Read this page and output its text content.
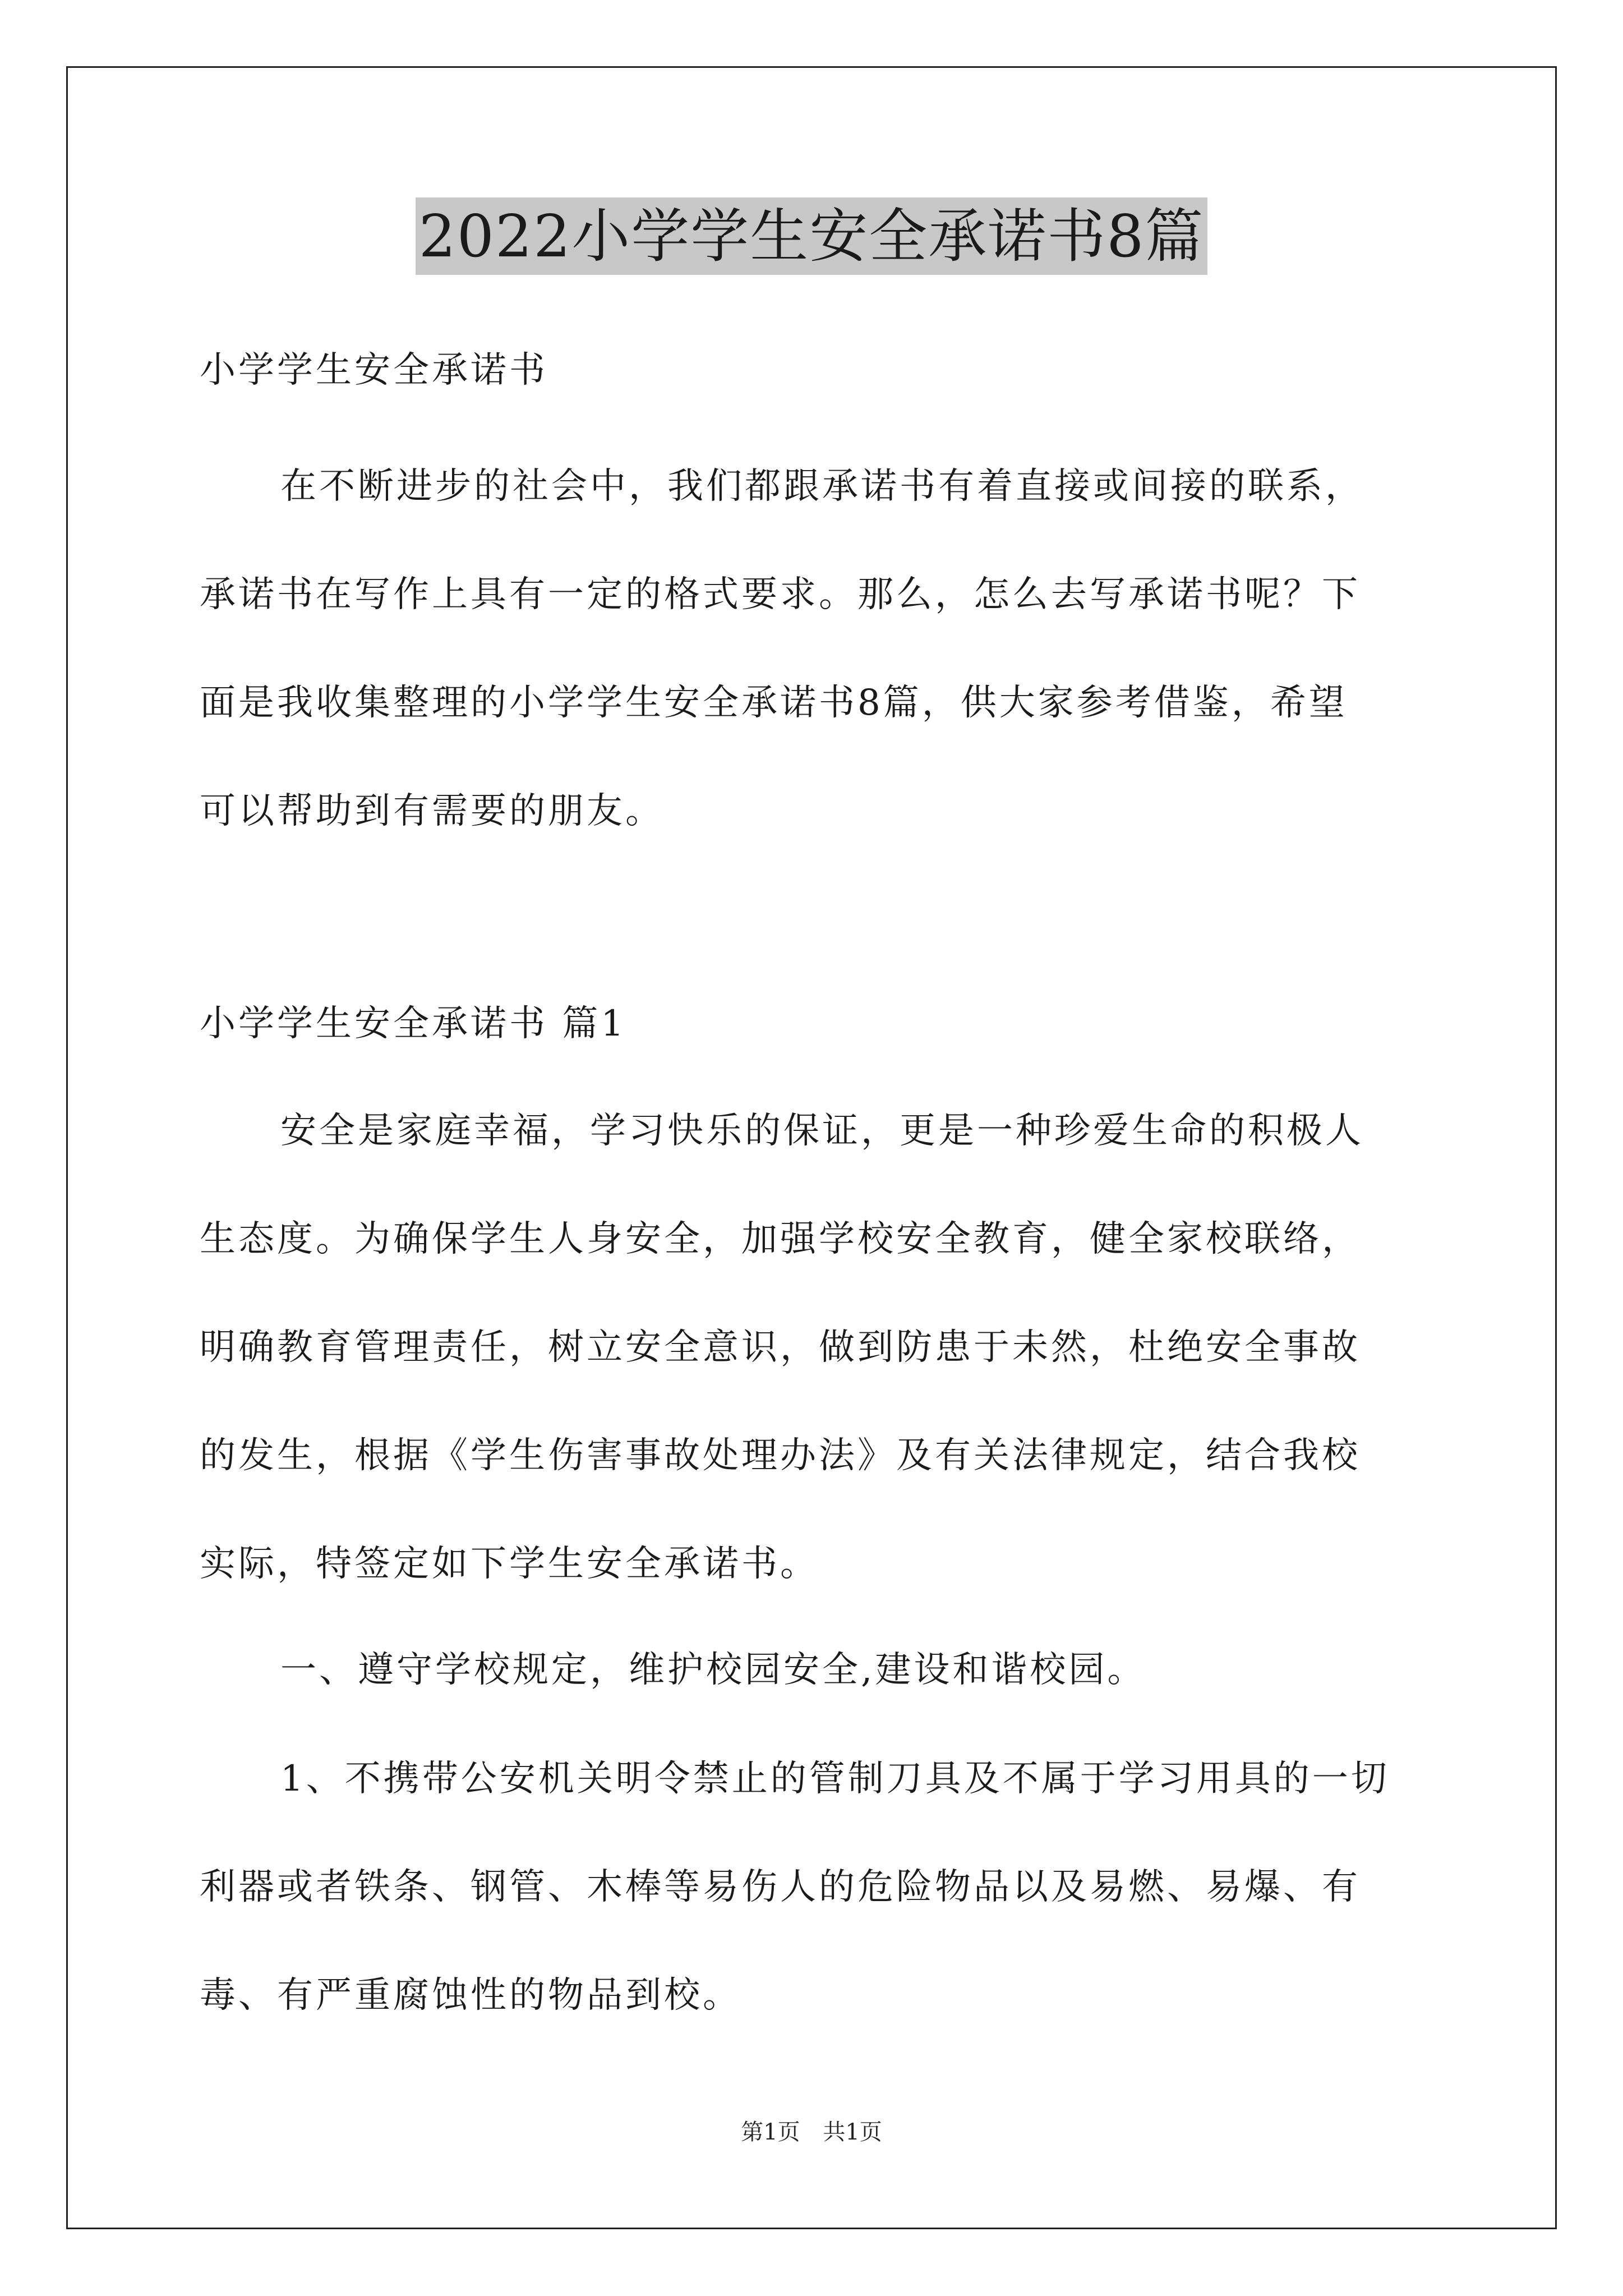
2022小学学生安全承诺书8篇
小学学生安全承诺书
在不断进步的社会中，我们都跟承诺书有着直接或间接的联系，
承诺书在写作上具有一定的格式要求。那么，怎么去写承诺书呢？下
面是我收集整理的小学学生安全承诺书8篇，供大家参考借鉴，希望
可以帮助到有需要的朋友。
小学学生安全承诺书 篇1
安全是家庭幸福，学习快乐的保证，更是一种珍爱生命的积极人
生态度。为确保学生人身安全，加强学校安全教育，健全家校联络，
明确教育管理责任，树立安全意识，做到防患于未然，杜绝安全事故
的发生，根据《学生伤害事故处理办法》及有关法律规定，结合我校
实际，特签定如下学生安全承诺书。
一、遵守学校规定，维护校园安全,建设和谐校园。
1、不携带公安机关明令禁止的管制刀具及不属于学习用具的一切
利器或者铁条、钢管、木棒等易伤人的危险物品以及易燃、易爆、有
毒、有严重腐蚀性的物品到校。
第1页 共1页
